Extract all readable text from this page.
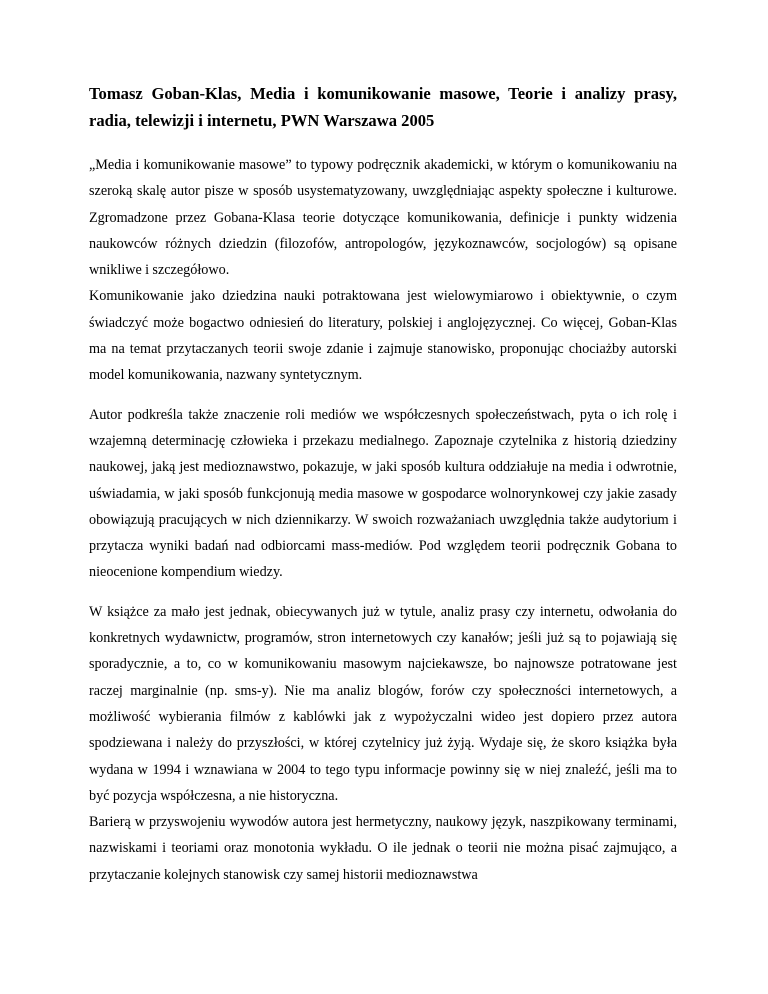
Tomasz Goban-Klas, Media i komunikowanie masowe, Teorie i analizy prasy, radia, telewizji i internetu, PWN Warszawa 2005

„Media i komunikowanie masowe” to typowy podręcznik akademicki, w którym o komunikowaniu na szeroką skalę autor pisze w sposób usystematyzowany, uwzględniając aspekty społeczne i kulturowe. Zgromadzone przez Gobana-Klasa teorie dotyczące komunikowania, definicje i punkty widzenia naukowców różnych dziedzin (filozofów, antropologów, językoznawców, socjologów) są opisane wnikliwe i szczegółowo.

Komunikowanie jako dziedzina nauki potraktowana jest wielowymiarowo i obiektywnie, o czym świadczyć może bogactwo odniesień do literatury, polskiej i anglojęzycznej. Co więcej, Goban-Klas ma na temat przytaczanych teorii swoje zdanie i zajmuje stanowisko, proponując chociażby autorski model komunikowania, nazwany syntetycznym.

Autor podkreśla także znaczenie roli mediów we współczesnych społeczeństwach, pyta o ich rolę i wzajemną determinację człowieka i przekazu medialnego. Zapoznaje czytelnika z historią dziedziny naukowej, jaką jest medioznawstwo, pokazuje, w jaki sposób kultura oddziałuje na media i odwrotnie, uświadamia, w jaki sposób funkcjonują media masowe w gospodarce wolnorynkowej czy jakie zasady obowiązują pracujących w nich dziennikarzy. W swoich rozważaniach uwzględnia także audytorium i przytacza wyniki badań nad odbiorcami mass-mediów. Pod względem teorii podręcznik Gobana to nieocenione kompendium wiedzy.

W książce za mało jest jednak, obiecywanych już w tytule, analiz prasy czy internetu, odwołania do konkretnych wydawnictw, programów, stron internetowych czy kanałów; jeśli już są to pojawiają się sporadycznie, a to, co w komunikowaniu masowym najciekawsze, bo najnowsze potratowane jest raczej marginalnie (np. sms-y). Nie ma analiz blogów, forów czy społeczności internetowych, a możliwość wybierania filmów z kablówki jak z wypożyczalni wideo jest dopiero przez autora spodziewana i należy do przyszłości, w której czytelnicy już żyją. Wydaje się, że skoro książka była wydana w 1994 i wznawiana w 2004 to tego typu informacje powinny się w niej znaleźć, jeśli ma to być pozycja współczesna, a nie historyczna.

Barierą w przyswojeniu wywodów autora jest hermetyczny, naukowy język, naszpikowany terminami, nazwiskami i teoriami oraz monotonia wykładu. O ile jednak o teorii nie można pisać zajmująco, a przytaczanie kolejnych stanowisk czy samej historii medioznawstwa
